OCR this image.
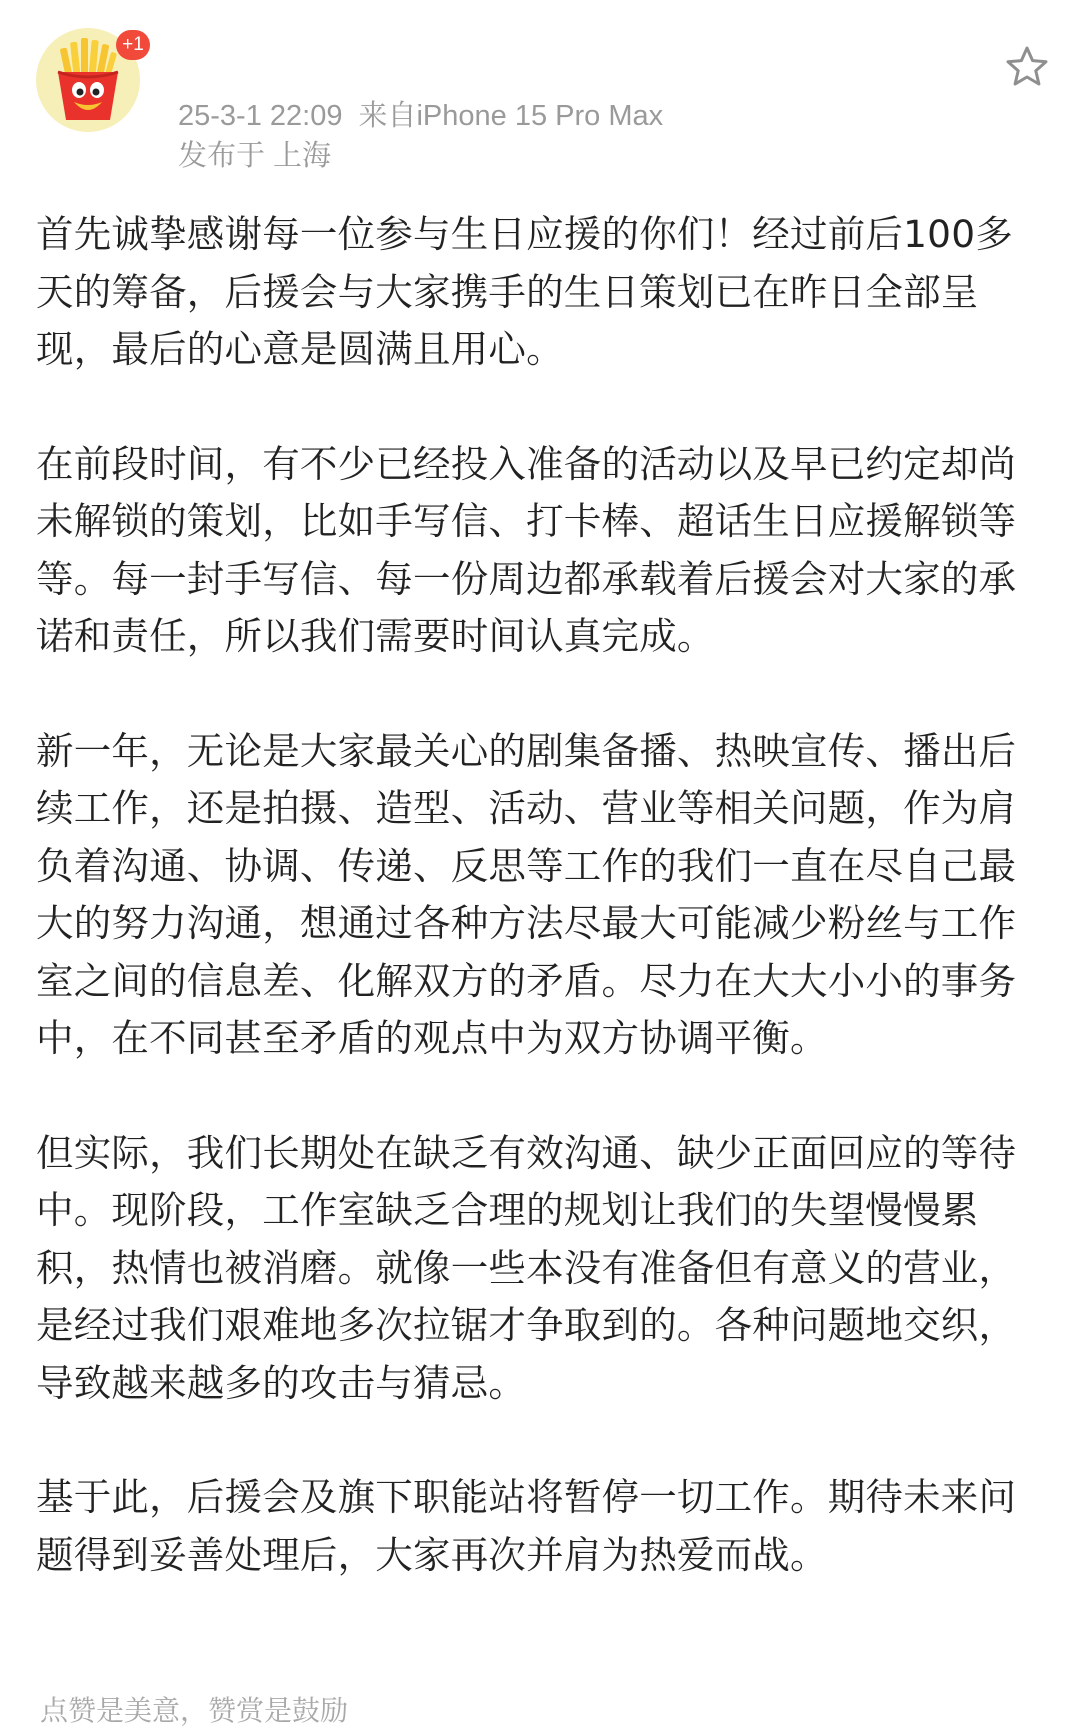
+1
25-3-1 22:09 来自iPhone 15 Pro Max
发布于 上海

首先诚挚感谢每一位参与生日应援的你们！经过前后100多天的筹备，后援会与大家携手的生日策划已在昨日全部呈现，最后的心意是圆满且用心。

在前段时间，有不少已经投入准备的活动以及早已约定却尚未解锁的策划，比如手写信、打卡棒、超话生日应援解锁等等。每一封手写信、每一份周边都承载着后援会对大家的承诺和责任，所以我们需要时间认真完成。

新一年，无论是大家最关心的剧集备播、热映宣传、播出后续工作，还是拍摄、造型、活动、营业等相关问题，作为肩负着沟通、协调、传递、反思等工作的我们一直在尽自己最大的努力沟通，想通过各种方法尽最大可能减少粉丝与工作室之间的信息差、化解双方的矛盾。尽力在大大小小的事务中，在不同甚至矛盾的观点中为双方协调平衡。

但实际，我们长期处在缺乏有效沟通、缺少正面回应的等待中。现阶段，工作室缺乏合理的规划让我们的失望慢慢累积，热情也被消磨。就像一些本没有准备但有意义的营业，是经过我们艰难地多次拉锯才争取到的。各种问题地交织，导致越来越多的攻击与猜忌。

基于此，后援会及旗下职能站将暂停一切工作。期待未来问题得到妥善处理后，大家再次并肩为热爱而战。

点赞是美意，赞赏是鼓励
